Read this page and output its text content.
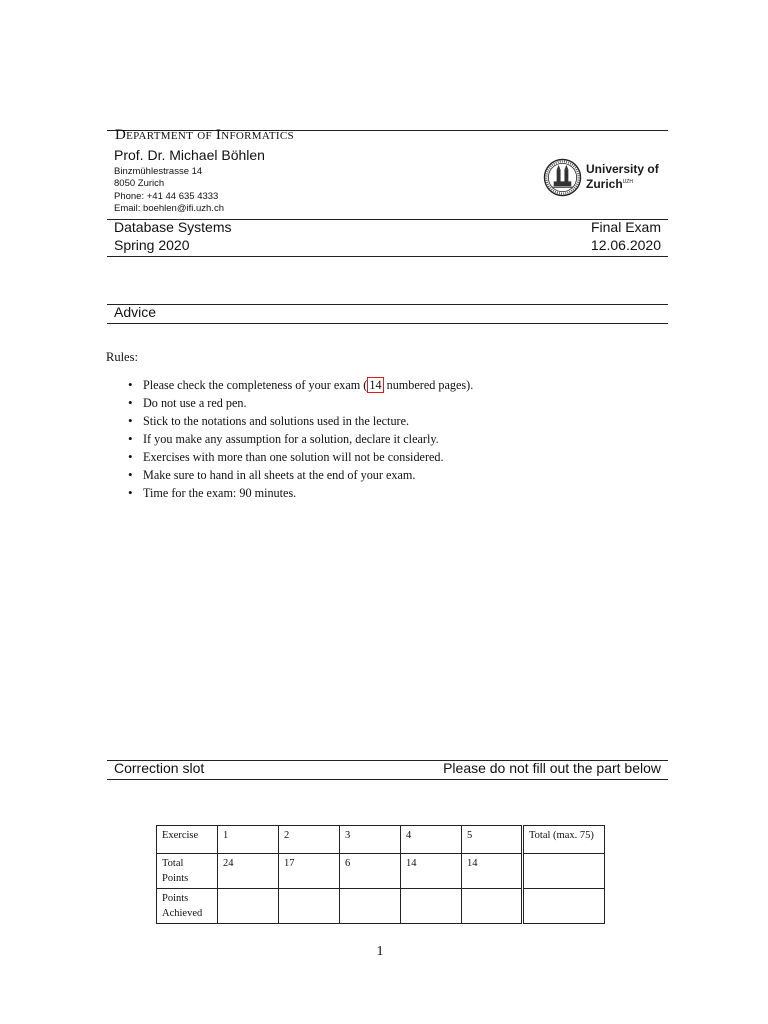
Department of Informatics
Prof. Dr. Michael Böhlen
Binzmühlestrasse 14
8050 Zurich
Phone: +41 44 635 4333
Email: boehlen@ifi.uzh.ch
University of
Zurich$^{UZH}$
Database Systems	Final Exam
Spring 2020	12.06.2020
Advice
Rules:
• Please check the completeness of your exam ( 14 numbered pages).
• Do not use a red pen.
• Stick to the notations and solutions used in the lecture.
• If you make any assumption for a solution, declare it clearly.
• Exercises with more than one solution will not be considered.
• Make sure to hand in all sheets at the end of your exam.
• Time for the exam: 90 minutes.
Correction slot	Please do not fill out the part below
Exercise	1	2	3	4	5	Total (max. 75)
Total Points	24	17	6	14	14	
Points Achieved						
1
